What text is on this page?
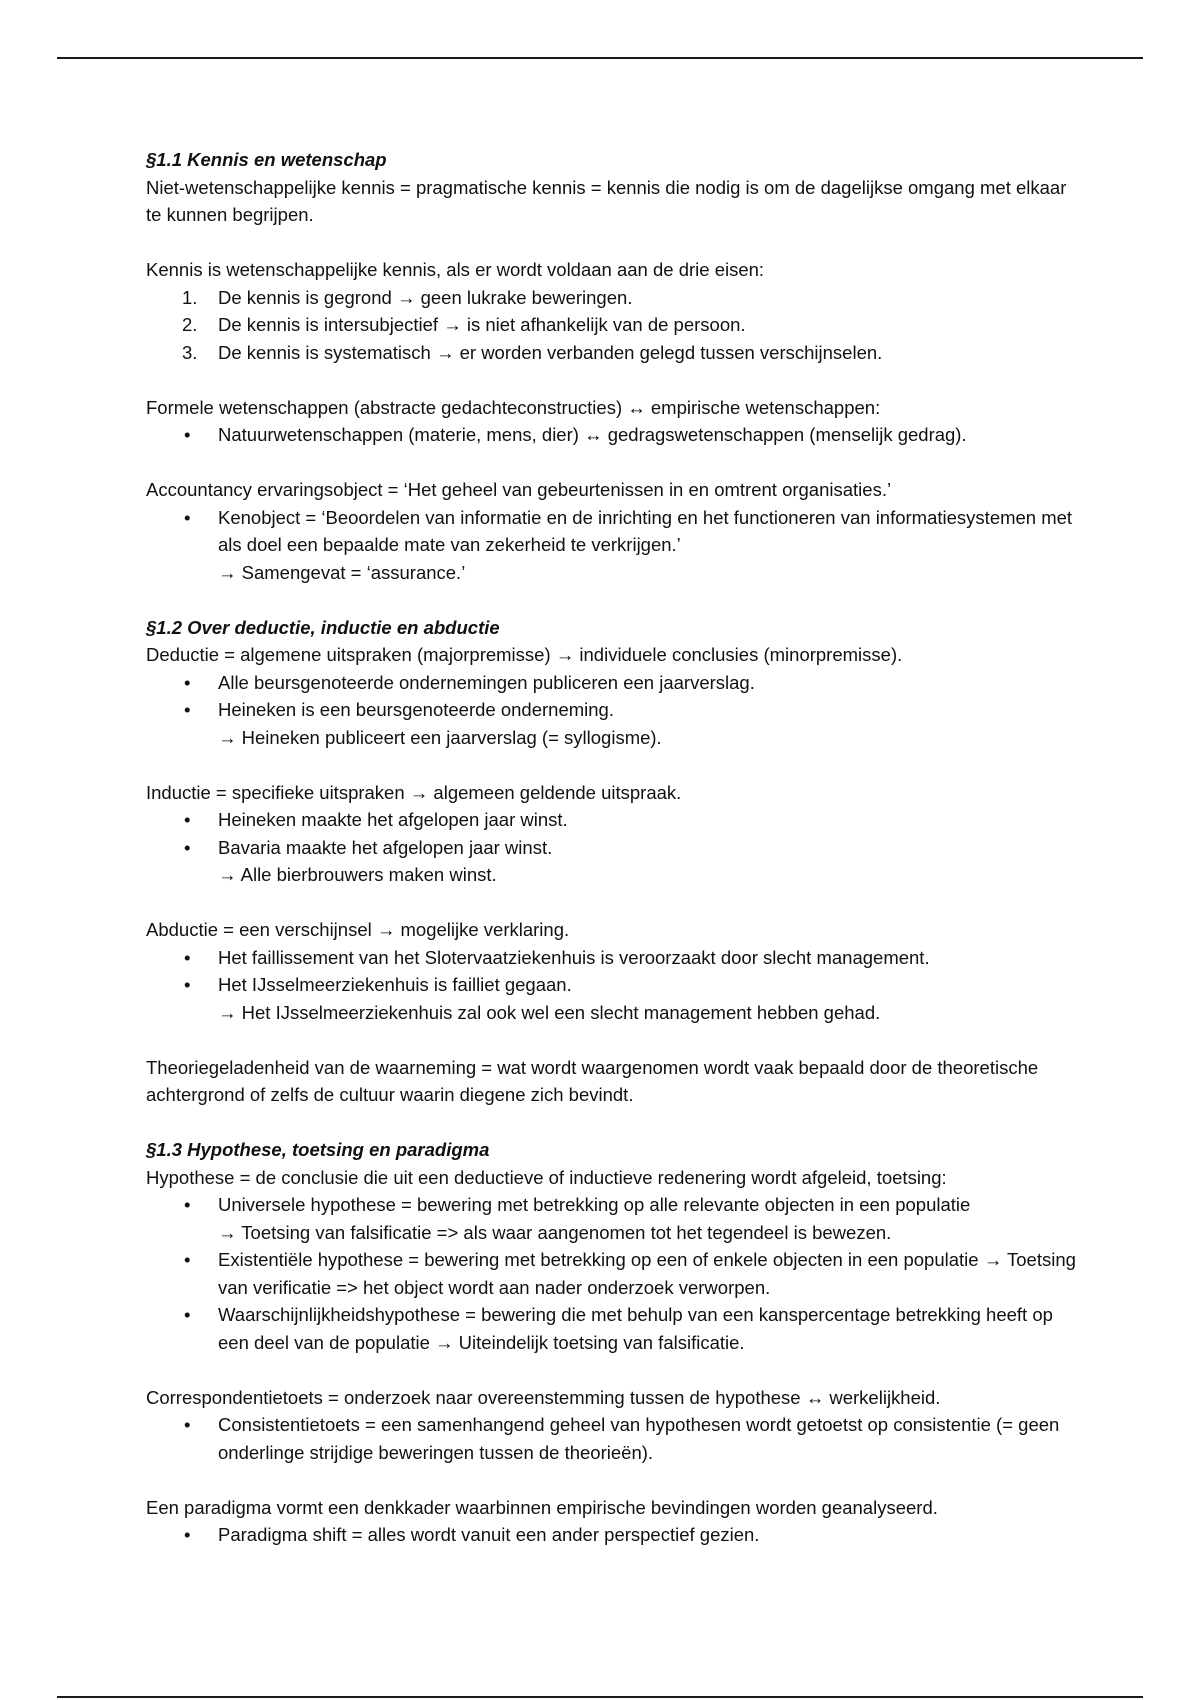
§1.1 Kennis en wetenschap

Niet-wetenschappelijke kennis = pragmatische kennis = kennis die nodig is om de dagelijkse omgang met elkaar te kunnen begrijpen.

Kennis is wetenschappelijke kennis, als er wordt voldaan aan de drie eisen:

1. De kennis is gegrond → geen lukrake beweringen.
2. De kennis is intersubjectief → is niet afhankelijk van de persoon.
3. De kennis is systematisch → er worden verbanden gelegd tussen verschijnselen.

Formele wetenschappen (abstracte gedachteconstructies) ↔ empirische wetenschappen:

• Natuurwetenschappen (materie, mens, dier) ↔ gedragswetenschappen (menselijk gedrag).

Accountancy ervaringsobject = ‘Het geheel van gebeurtenissen in en omtrent organisaties.’

• Kenobject = ‘Beoordelen van informatie en de inrichting en het functioneren van informatiesystemen met als doel een bepaalde mate van zekerheid te verkrijgen.’
→ Samengevat = ‘assurance.’

§1.2 Over deductie, inductie en abductie

Deductie = algemene uitspraken (majorpremisse) → individuele conclusies (minorpremisse).

• Alle beursgenoteerde ondernemingen publiceren een jaarverslag.
• Heineken is een beursgenoteerde onderneming.
→ Heineken publiceert een jaarverslag (= syllogisme).

Inductie = specifieke uitspraken → algemeen geldende uitspraak.

• Heineken maakte het afgelopen jaar winst.
• Bavaria maakte het afgelopen jaar winst.
→ Alle bierbrouwers maken winst.

Abductie = een verschijnsel → mogelijke verklaring.

• Het faillissement van het Slotervaatziekenhuis is veroorzaakt door slecht management.
• Het IJsselmeerziekenhuis is failliet gegaan.
→ Het IJsselmeerziekenhuis zal ook wel een slecht management hebben gehad.

Theoriegeladenheid van de waarneming = wat wordt waargenomen wordt vaak bepaald door de theoretische achtergrond of zelfs de cultuur waarin diegene zich bevindt.

§1.3 Hypothese, toetsing en paradigma

Hypothese = de conclusie die uit een deductieve of inductieve redenering wordt afgeleid, toetsing:

• Universele hypothese = bewering met betrekking op alle relevante objecten in een populatie
→ Toetsing van falsificatie => als waar aangenomen tot het tegendeel is bewezen.
• Existentiële hypothese = bewering met betrekking op een of enkele objecten in een populatie → Toetsing van verificatie => het object wordt aan nader onderzoek verworpen.
• Waarschijnlijkheidshypothese = bewering die met behulp van een kanspercentage betrekking heeft op een deel van de populatie → Uiteindelijk toetsing van falsificatie.

Correspondentietoets = onderzoek naar overeenstemming tussen de hypothese ↔ werkelijkheid.

• Consistentietoets = een samenhangend geheel van hypothesen wordt getoetst op consistentie (= geen onderlinge strijdige beweringen tussen de theorieën).

Een paradigma vormt een denkkader waarbinnen empirische bevindingen worden geanalyseerd.

• Paradigma shift = alles wordt vanuit een ander perspectief gezien.
